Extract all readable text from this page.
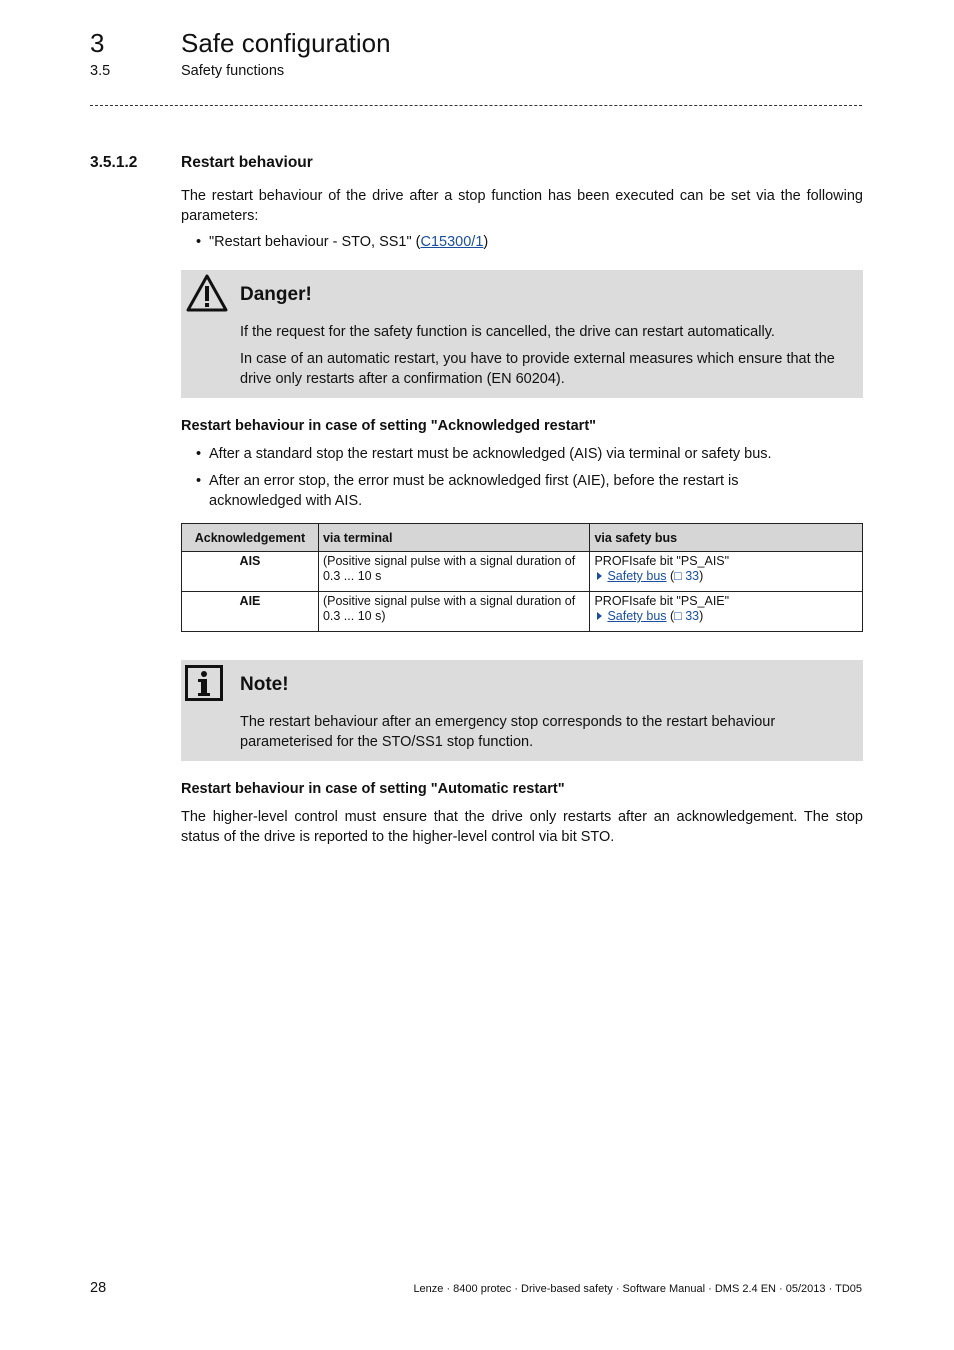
3	Safe configuration
3.5	Safety functions
3.5.1.2	Restart behaviour
The restart behaviour of the drive after a stop function has been executed can be set via the following parameters:
• "Restart behaviour - STO, SS1" (C15300/1)
Danger!
If the request for the safety function is cancelled, the drive can restart automatically.
In case of an automatic restart, you have to provide external measures which ensure that the drive only restarts after a confirmation (EN 60204).
Restart behaviour in case of setting "Acknowledged restart"
• After a standard stop the restart must be acknowledged (AIS) via terminal or safety bus.
• After an error stop, the error must be acknowledged first (AIE), before the restart is acknowledged with AIS.
Acknowledgement	via terminal	via safety bus
AIS	(Positive signal pulse with a signal duration of 0.3 ... 10 s	PROFIsafe bit "PS_AIS"
Safety bus (□ 33)

AIE	(Positive signal pulse with a signal duration of 0.3 ... 10 s)	PROFIsafe bit "PS_AIE"
Safety bus (□ 33)
Note!
The restart behaviour after an emergency stop corresponds to the restart behaviour parameterised for the STO/SS1 stop function.
Restart behaviour in case of setting "Automatic restart"
The higher-level control must ensure that the drive only restarts after an acknowledgement. The stop status of the drive is reported to the higher-level control via bit STO.
28	Lenze · 8400 protec · Drive-based safety · Software Manual · DMS 2.4 EN · 05/2013 · TD05
